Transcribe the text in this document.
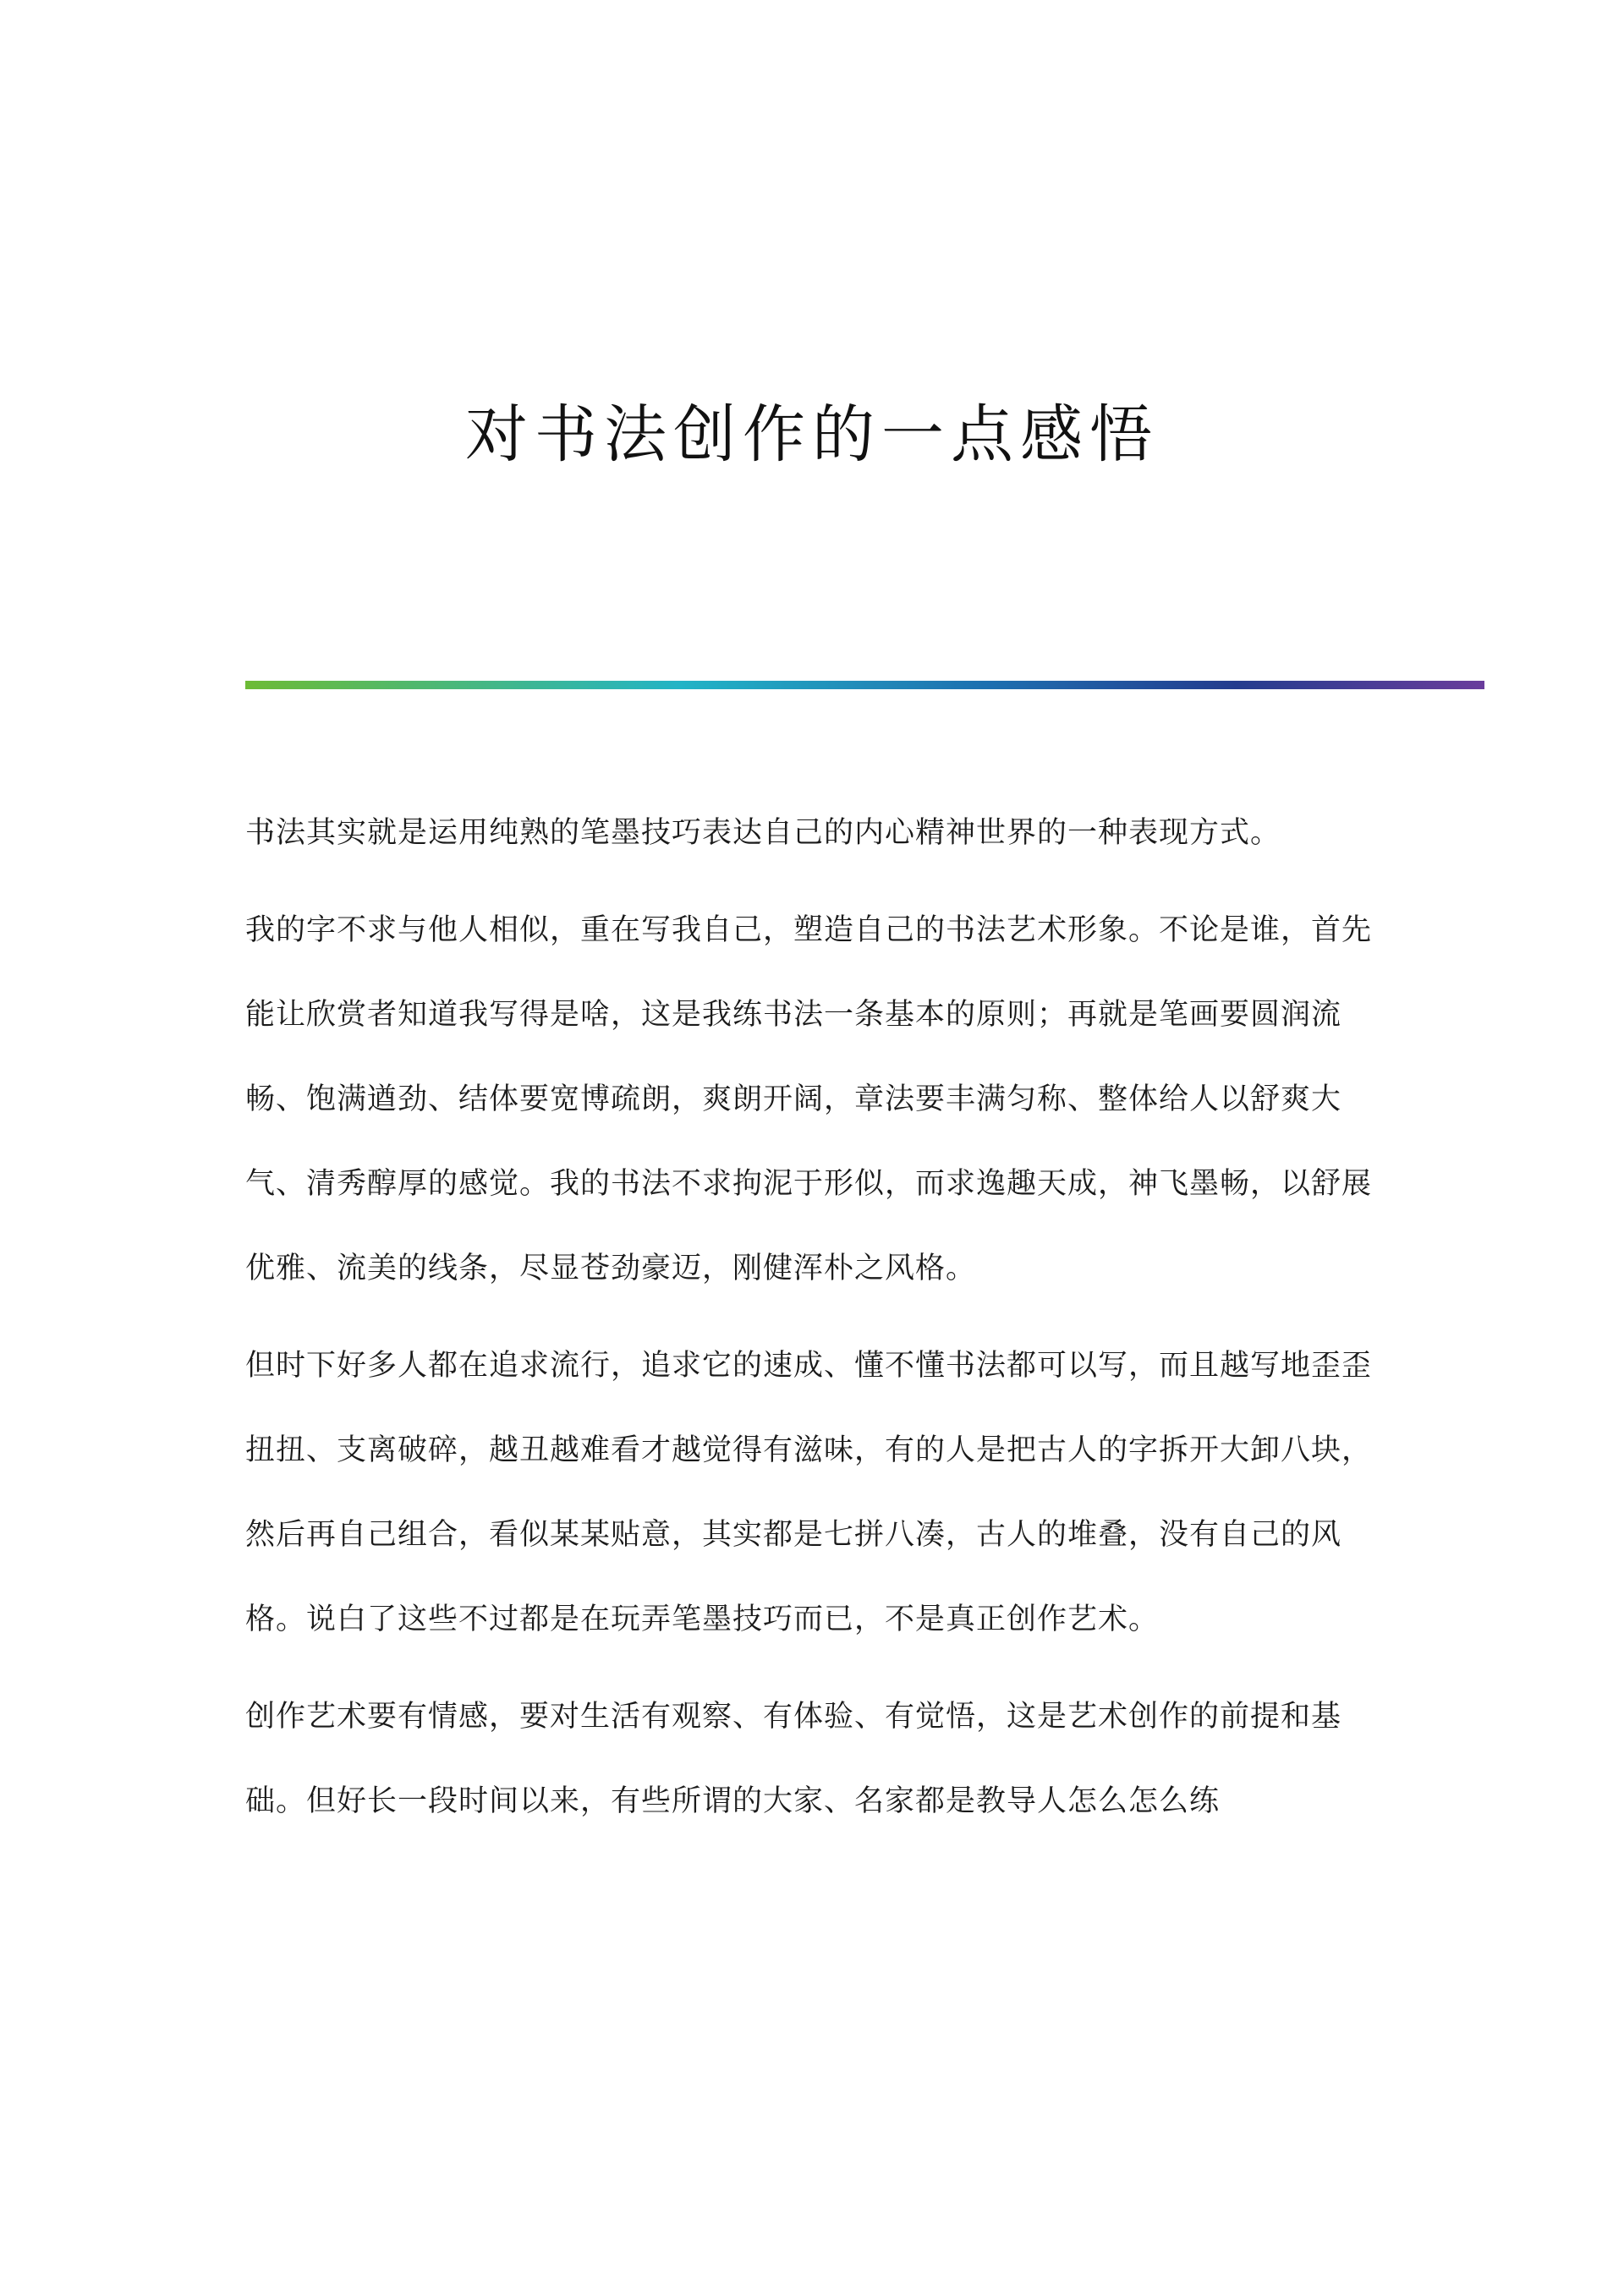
对书法创作的一点感悟

书法其实就是运用纯熟的笔墨技巧表达自己的内心精神世界的一种表现方式。

我的字不求与他人相似，重在写我自己，塑造自己的书法艺术形象。不论是谁，首先能让欣赏者知道我写得是啥，这是我练书法一条基本的原则；再就是笔画要圆润流畅、饱满遒劲、结体要宽博疏朗，爽朗开阔，章法要丰满匀称、整体给人以舒爽大气、清秀醇厚的感觉。我的书法不求拘泥于形似，而求逸趣天成，神飞墨畅，以舒展优雅、流美的线条，尽显苍劲豪迈，刚健浑朴之风格。

但时下好多人都在追求流行，追求它的速成、懂不懂书法都可以写，而且越写地歪歪扭扭、支离破碎，越丑越难看才越觉得有滋味，有的人是把古人的字拆开大卸八块，然后再自己组合，看似某某贴意，其实都是七拼八凑，古人的堆叠，没有自己的风格。说白了这些不过都是在玩弄笔墨技巧而已，不是真正创作艺术。

创作艺术要有情感，要对生活有观察、有体验、有觉悟，这是艺术创作的前提和基础。但好长一段时间以来，有些所谓的大家、名家都是教导人怎么怎么练
